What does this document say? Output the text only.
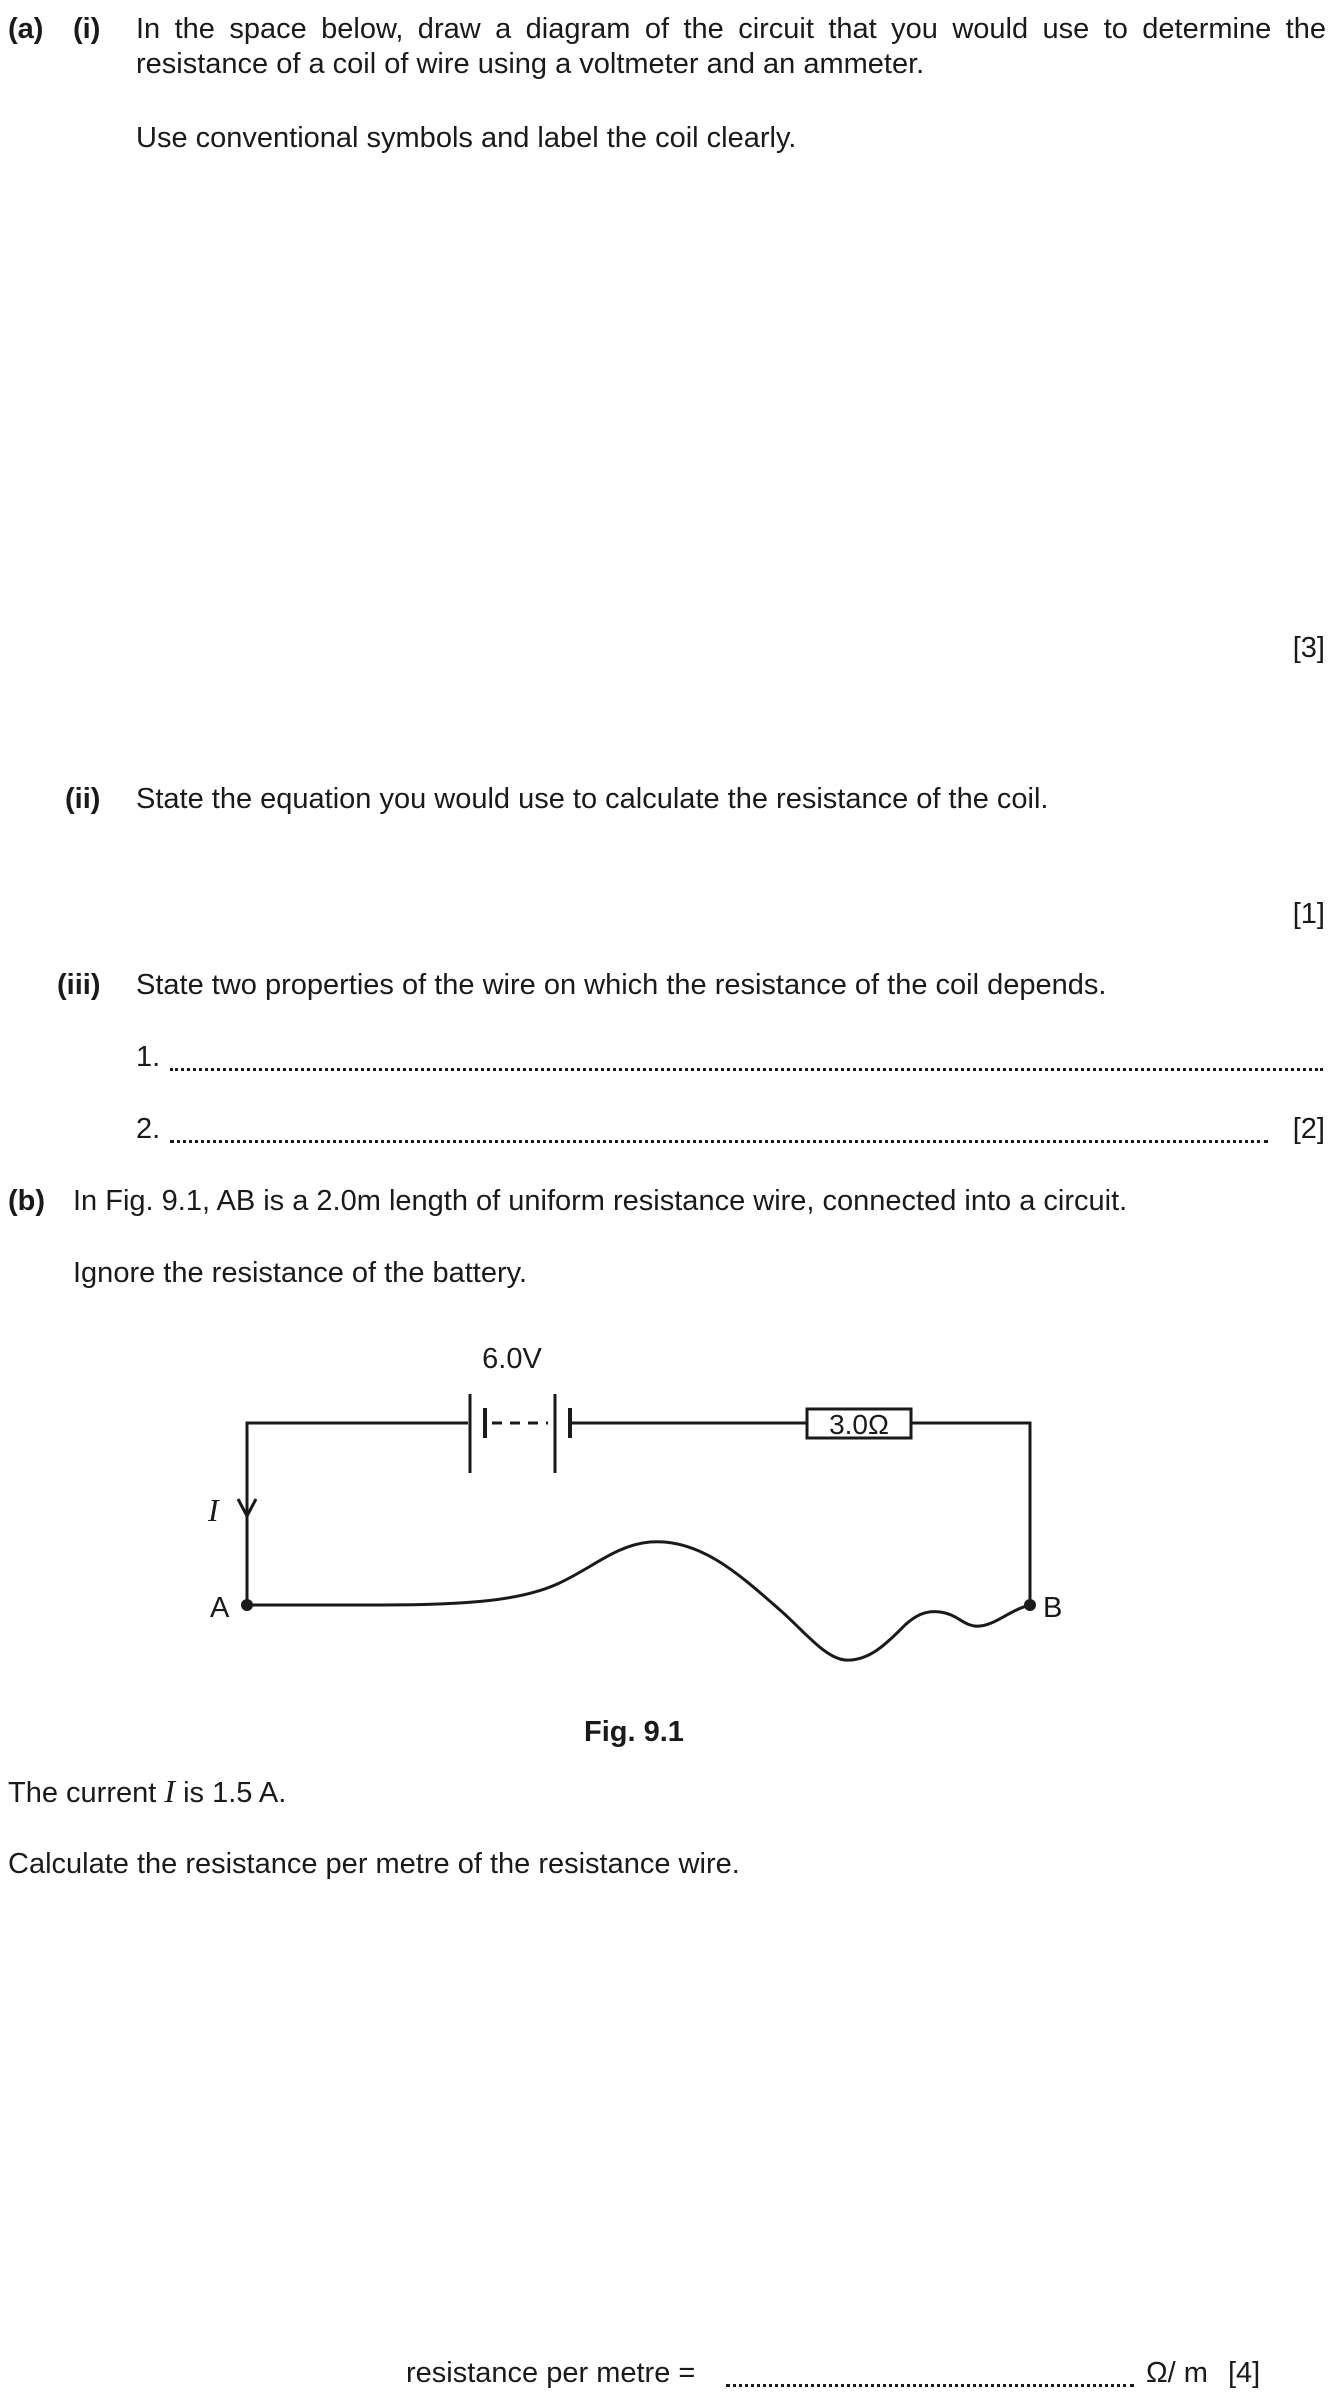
(a) (i) In the space below, draw a diagram of the circuit that you would use to determine the resistance of a coil of wire using a voltmeter and an ammeter.
Use conventional symbols and label the coil clearly.
[3]
(ii) State the equation you would use to calculate the resistance of the coil.
[1]
(iii) State two properties of the wire on which the resistance of the coil depends.
1.
2.	[2]
(b) In Fig. 9.1, AB is a 2.0m length of uniform resistance wire, connected into a circuit.
Ignore the resistance of the battery.
6.0V
3.0Ω
I
A	B
Fig. 9.1
The current I is 1.5 A.
Calculate the resistance per metre of the resistance wire.
resistance per metre =	Ω/ m [4]
